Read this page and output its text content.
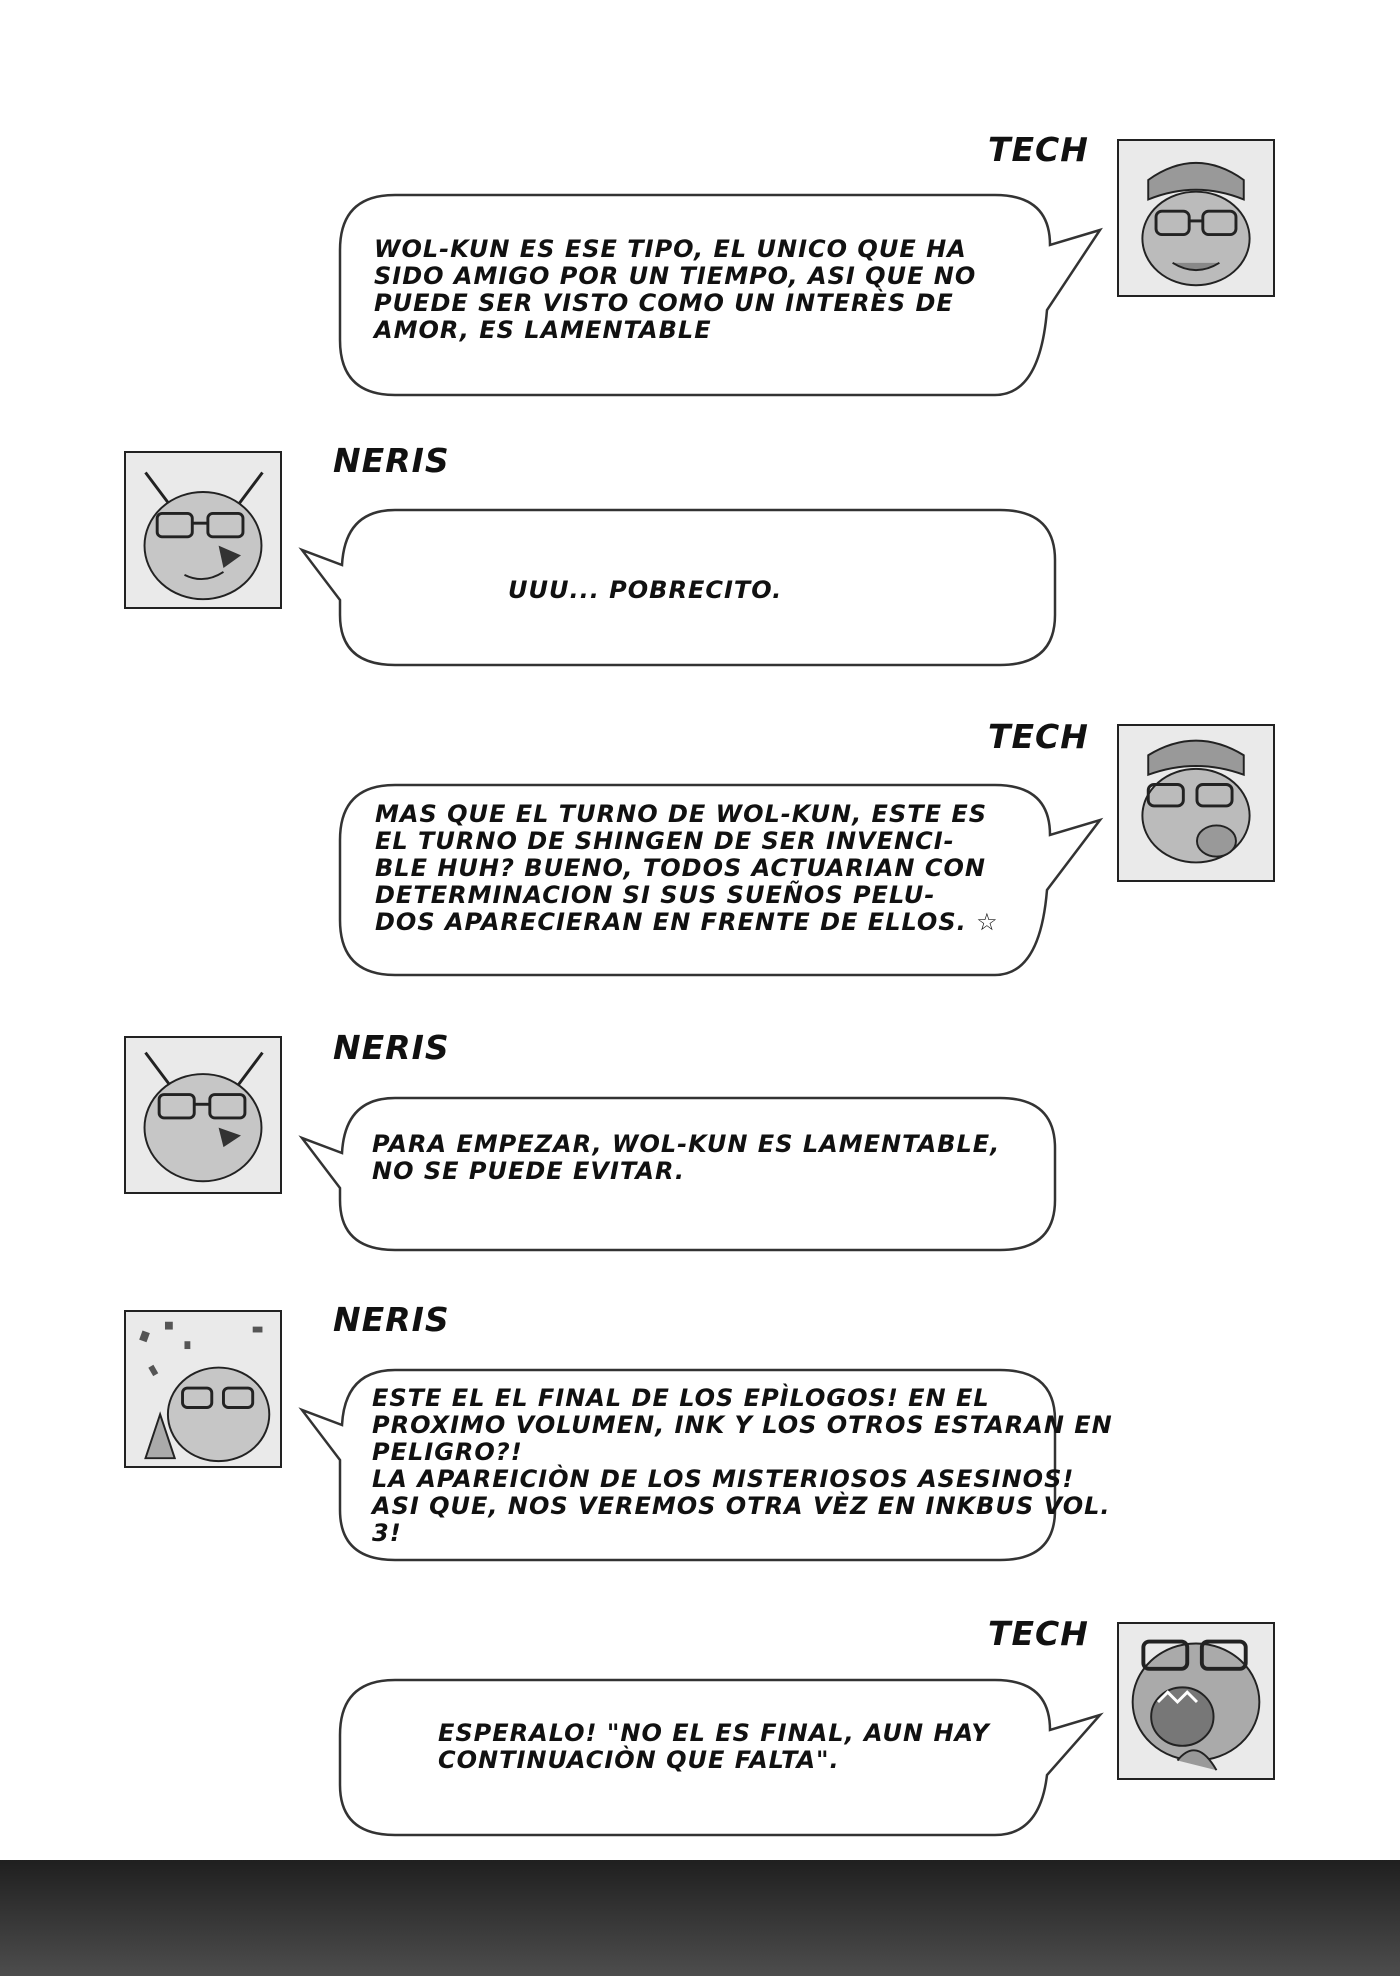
TECH
WOL-KUN ES ESE TIPO, EL UNICO QUE HA
SIDO AMIGO POR UN TIEMPO, ASI QUE NO
PUEDE SER VISTO COMO UN INTERÈS DE
AMOR, ES LAMENTABLE
NERIS
UUU... POBRECITO.
TECH
MAS QUE EL TURNO DE WOL-KUN, ESTE ES
EL TURNO DE SHINGEN DE SER INVENCI-
BLE HUH? BUENO, TODOS ACTUARIAN CON
DETERMINACION SI SUS SUEÑOS PELU-
DOS APARECIERAN EN FRENTE DE ELLOS. ☆
NERIS
PARA EMPEZAR, WOL-KUN ES LAMENTABLE,
NO SE PUEDE EVITAR.
NERIS
ESTE EL EL FINAL DE LOS EPÌLOGOS! EN EL
PROXIMO VOLUMEN, INK Y LOS OTROS ESTARAN EN
PELIGRO?!
LA APAREICIÒN DE LOS MISTERIOSOS ASESINOS!
ASI QUE, NOS VEREMOS OTRA VÈZ EN INKBUS VOL.
3!
TECH
ESPERALO! "NO EL ES FINAL, AUN HAY
CONTINUACIÒN QUE FALTA".
